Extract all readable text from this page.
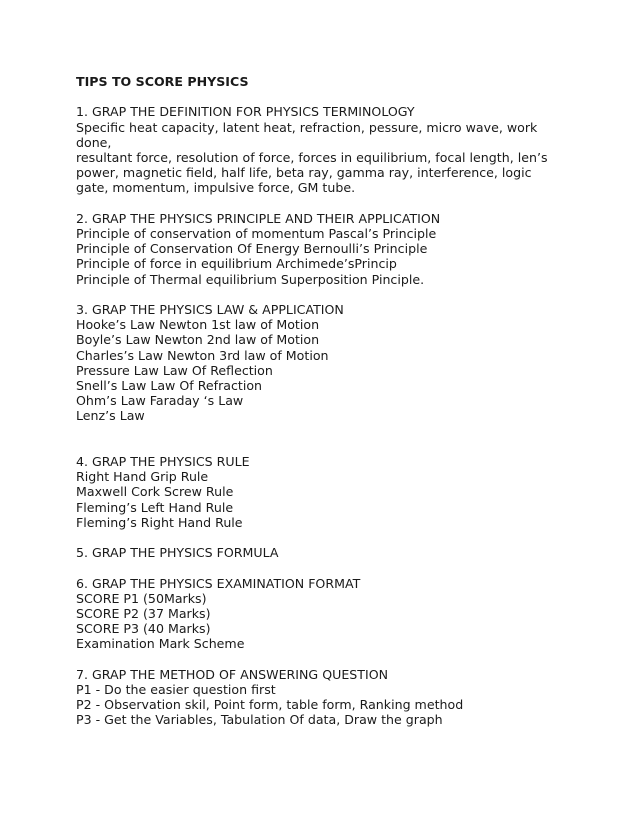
TIPS TO SCORE PHYSICS
1. GRAP THE DEFINITION FOR PHYSICS TERMINOLOGY
Specific heat capacity, latent heat, refraction, pessure, micro wave, work done,
resultant force, resolution of force, forces in equilibrium, focal length, len’s power, magnetic field, half life, beta ray, gamma ray, interference, logic gate, momentum, impulsive force, GM tube.
2. GRAP THE PHYSICS PRINCIPLE AND THEIR APPLICATION
Principle of conservation of momentum Pascal’s Principle
Principle of Conservation Of Energy Bernoulli’s Principle
Principle of force in equilibrium Archimede’sPrincip
Principle of Thermal equilibrium Superposition Pinciple.
3. GRAP THE PHYSICS LAW & APPLICATION
Hooke’s Law Newton 1st law of Motion
Boyle’s Law Newton 2nd law of Motion
Charles’s Law Newton 3rd law of Motion
Pressure Law Law Of Reflection
Snell’s Law Law Of Refraction
Ohm’s Law Faraday ‘s Law
Lenz’s Law
4. GRAP THE PHYSICS RULE
Right Hand Grip Rule
Maxwell Cork Screw Rule
Fleming’s Left Hand Rule
Fleming’s Right Hand Rule
5. GRAP THE PHYSICS FORMULA
6. GRAP THE PHYSICS EXAMINATION FORMAT
SCORE P1 (50Marks)
SCORE P2 (37 Marks)
SCORE P3 (40 Marks)
Examination Mark Scheme
7. GRAP THE METHOD OF ANSWERING QUESTION
P1 - Do the easier question first
P2 - Observation skil, Point form, table form, Ranking method
P3 - Get the Variables, Tabulation Of data, Draw the graph
